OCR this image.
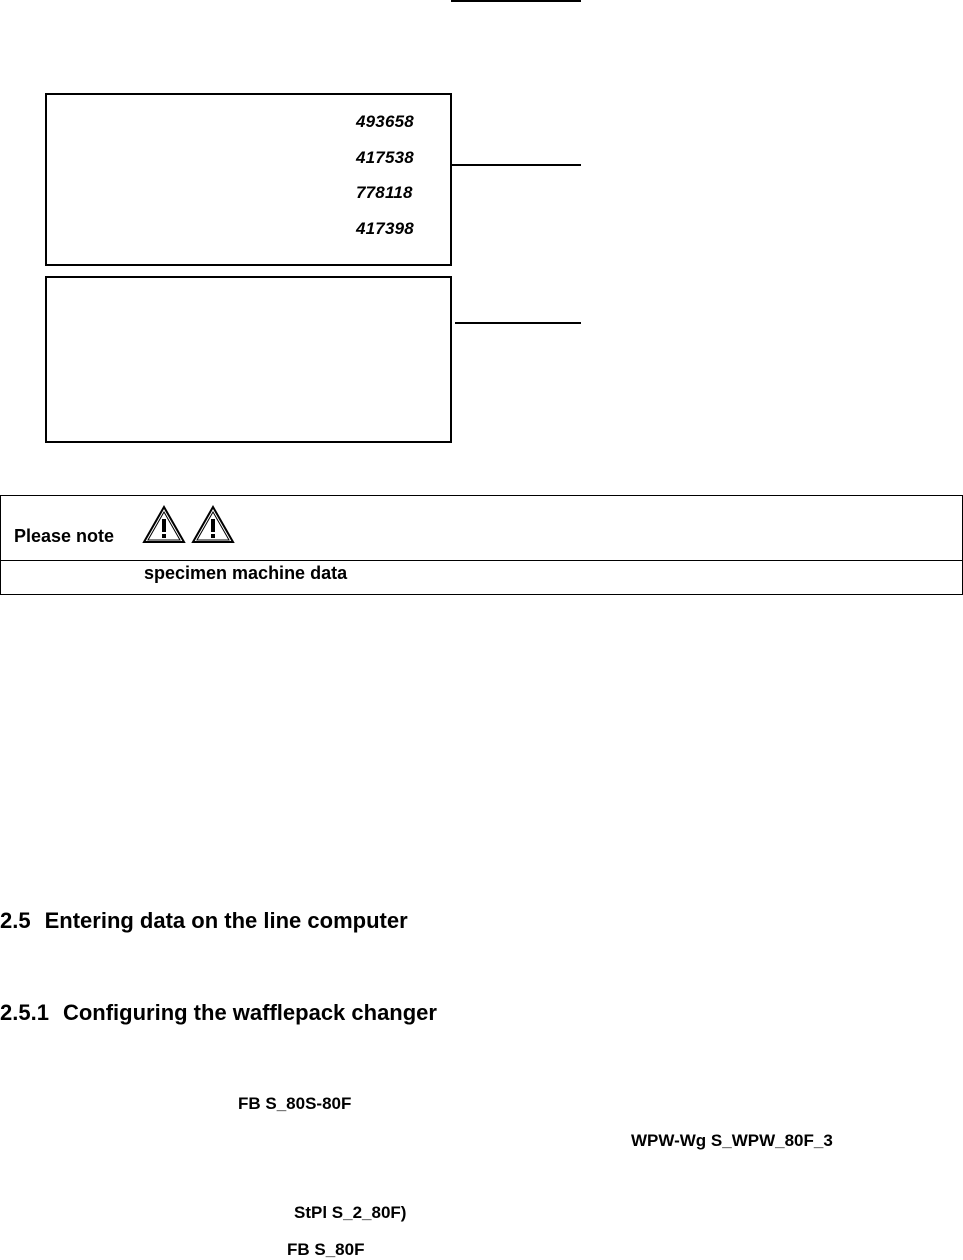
493658
417538
778118
417398
Please note
specimen machine data
2.5 Entering data on the line computer
2.5.1 Configuring the wafflepack changer
FB S_80S-80F
WPW-Wg S_WPW_80F_3
StPl S_2_80F)
FB S_80F
